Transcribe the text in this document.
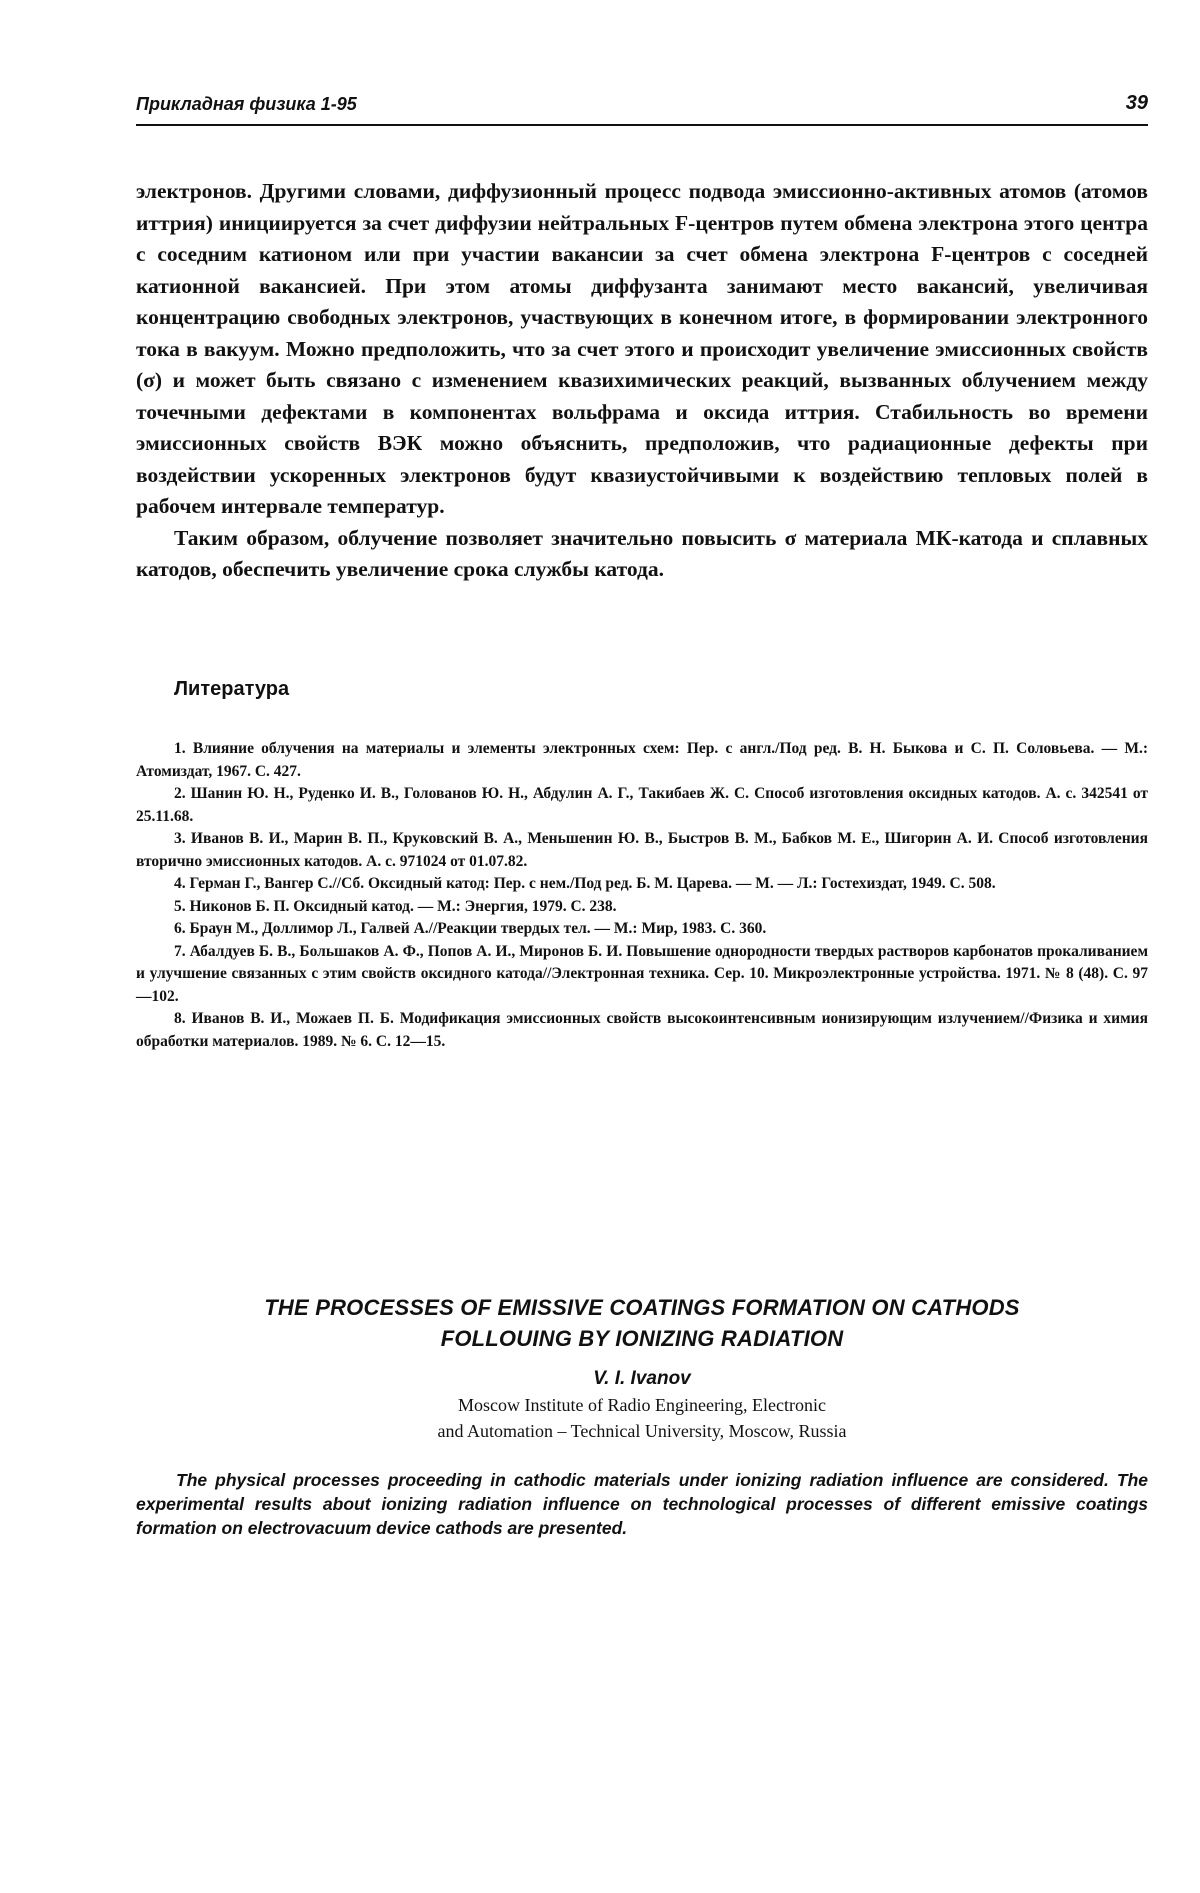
Прикладная физика 1-95	39

электронов. Другими словами, диффузионный процесс подвода эмиссионно-активных атомов (атомов иттрия) инициируется за счет диффузии нейтральных F-центров путем обмена электрона этого центра с соседним катионом или при участии вакансии за счет обмена электрона F-центров с соседней катионной вакансией. При этом атомы диффузанта занимают место вакансий, увеличивая концентрацию свободных электронов, участвующих в конечном итоге, в формировании электронного тока в вакуум. Можно предположить, что за счет этого и происходит увеличение эмиссионных свойств (σ) и может быть связано с изменением квазихимических реакций, вызванных облучением между точечными дефектами в компонентах вольфрама и оксида иттрия. Стабильность во времени эмиссионных свойств ВЭК можно объяснить, предположив, что радиационные дефекты при воздействии ускоренных электронов будут квазиустойчивыми к воздействию тепловых полей в рабочем интервале температур.

Таким образом, облучение позволяет значительно повысить σ материала МК-катода и сплавных катодов, обеспечить увеличение срока службы катода.

Литература

1. Влияние облучения на материалы и элементы электронных схем: Пер. с англ./Под ред. В. Н. Быкова и С. П. Соловьева. — М.: Атомиздат, 1967. С. 427.

2. Шанин Ю. Н., Руденко И. В., Голованов Ю. Н., Абдулин А. Г., Такибаев Ж. С. Способ изготовления оксидных катодов. А. с. 342541 от 25.11.68.

3. Иванов В. И., Марин В. П., Круковский В. А., Меньшенин Ю. В., Быстров В. М., Бабков М. Е., Шигорин А. И. Способ изготовления вторично эмиссионных катодов. А. с. 971024 от 01.07.82.

4. Герман Г., Вангер С.//Сб. Оксидный катод: Пер. с нем./Под ред. Б. М. Царева. — М. — Л.: Гостехиздат, 1949. С. 508.

5. Никонов Б. П. Оксидный катод. — М.: Энергия, 1979. С. 238.

6. Браун М., Доллимор Л., Галвей А.//Реакции твердых тел. — М.: Мир, 1983. С. 360.

7. Абалдуев Б. В., Большаков А. Ф., Попов А. И., Миронов Б. И. Повышение однородности твердых растворов карбонатов прокаливанием и улучшение связанных с этим свойств оксидного катода//Электронная техника. Сер. 10. Микроэлектронные устройства. 1971. № 8 (48). С. 97—102.

8. Иванов В. И., Можаев П. Б. Модификация эмиссионных свойств высокоинтенсивным ионизирующим излучением//Физика и химия обработки материалов. 1989. № 6. С. 12—15.

THE PROCESSES OF EMISSIVE COATINGS FORMATION ON CATHODS
FOLLOUING BY IONIZING RADIATION
V. I. Ivanov
Moscow Institute of Radio Engineering, Electronic
and Automation – Technical University, Moscow, Russia
The physical processes proceeding in cathodic materials under ionizing radiation influence are considered. The experimental results about ionizing radiation influence on technological processes of different emissive coatings formation on electrovacuum device cathods are presented.
